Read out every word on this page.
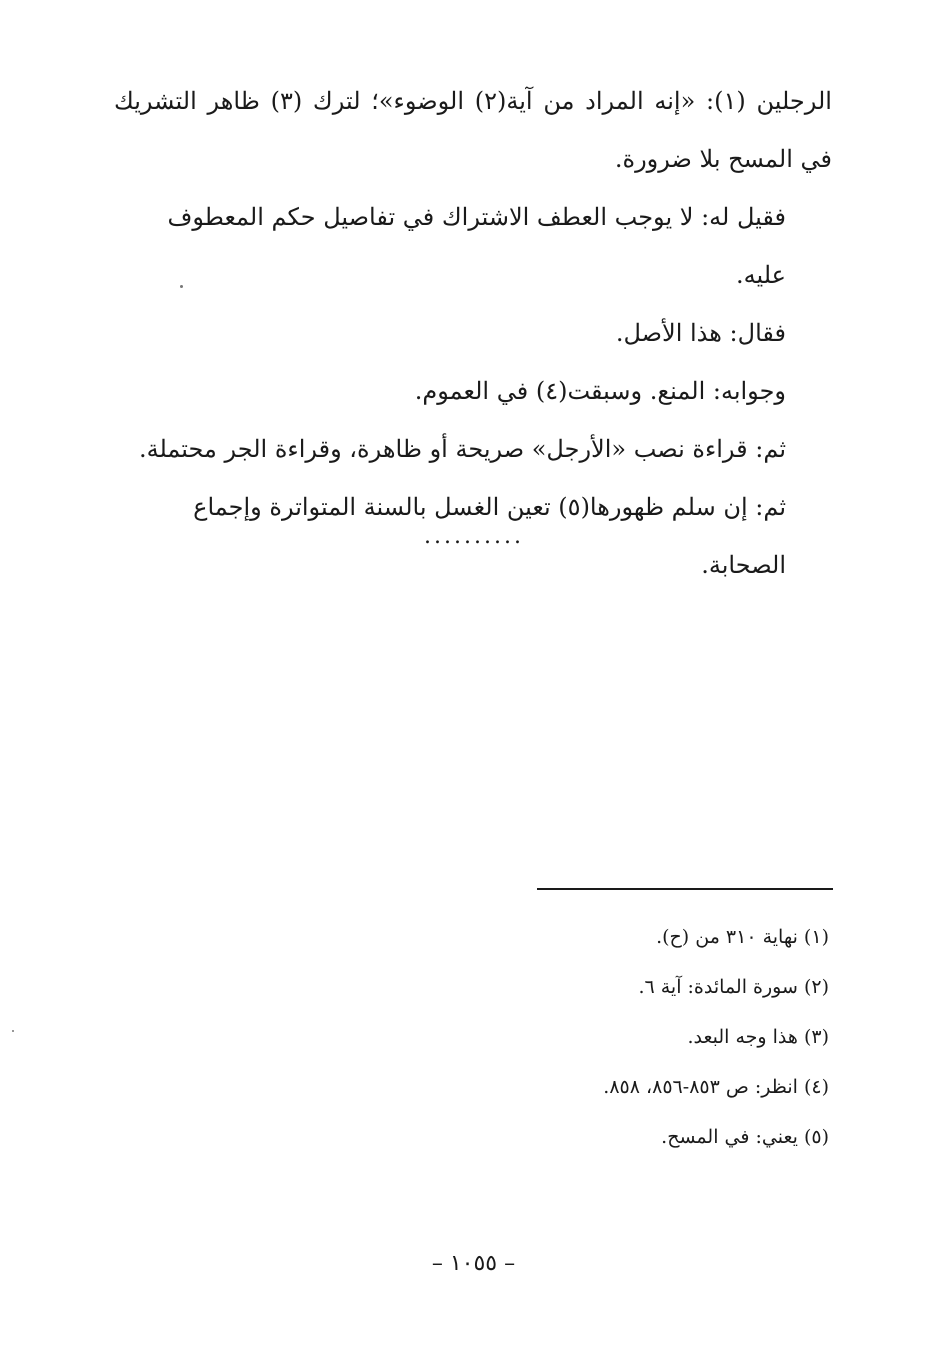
الرجلين (١): «إنه المراد من آية(٢) الوضوء»؛ لترك (٣) ظاهر التشريك في المسح بلا ضرورة.

فقيل له: لا يوجب العطف الاشتراك في تفاصيل حكم المعطوف عليه.

فقال: هذا الأصل.

وجوابه: المنع. وسبقت(٤) في العموم.

ثم: قراءة نصب «الأرجل» صريحة أو ظاهرة، وقراءة الجر محتملة.

ثم: إن سلم ظهورها(٥) تعين الغسل بالسنة المتواترة وإجماع الصحابة.

..........

(١) نهاية ٣١٠ من (ح).

(٢) سورة المائدة: آية ٦.

(٣) هذا وجه البعد.

(٤) انظر: ص ٨٥٣-٨٥٦، ٨٥٨.

(٥) يعني: في المسح.

– ١٠٥٥ –
